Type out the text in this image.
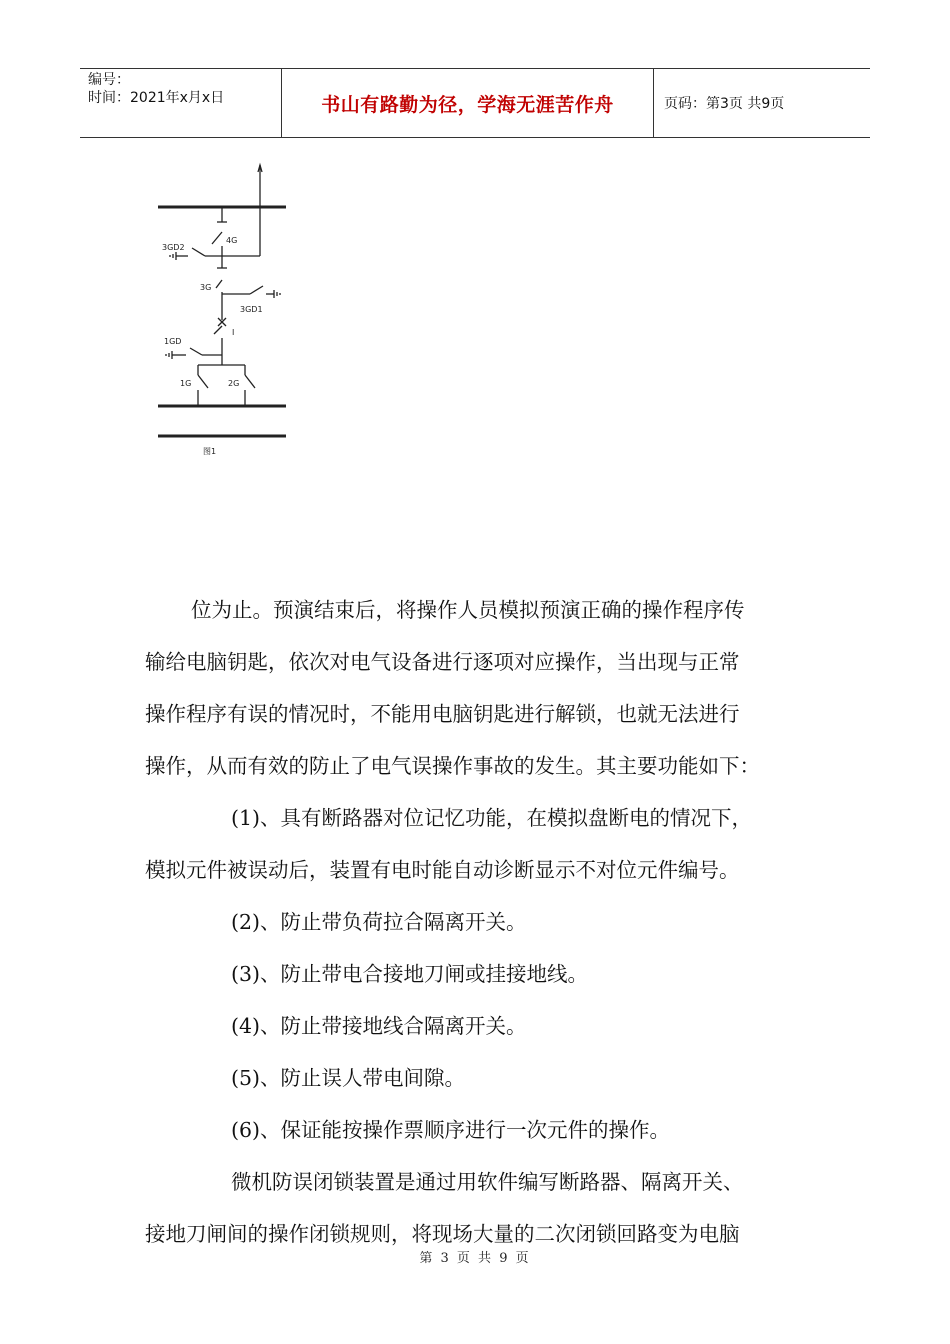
编号：
时间：2021年x月x日	书山有路勤为径，学海无涯苦作舟	页码：第3页 共9页
4G
3GD2
3G
3GD1
I
1GD
1G	2G
图1

位为止。预演结束后，将操作人员模拟预演正确的操作程序传

输给电脑钥匙，依次对电气设备进行逐项对应操作，当出现与正常

操作程序有误的情况时，不能用电脑钥匙进行解锁，也就无法进行

操作，从而有效的防止了电气误操作事故的发生。其主要功能如下：

(1)、具有断路器对位记忆功能，在模拟盘断电的情况下，

模拟元件被误动后，装置有电时能自动诊断显示不对位元件编号。

(2)、防止带负荷拉合隔离开关。

(3)、防止带电合接地刀闸或挂接地线。

(4)、防止带接地线合隔离开关。

(5)、防止误人带电间隙。

(6)、保证能按操作票顺序进行一次元件的操作。

微机防误闭锁装置是通过用软件编写断路器、隔离开关、

接地刀闸间的操作闭锁规则，将现场大量的二次闭锁回路变为电脑

第 3 页 共 9 页
